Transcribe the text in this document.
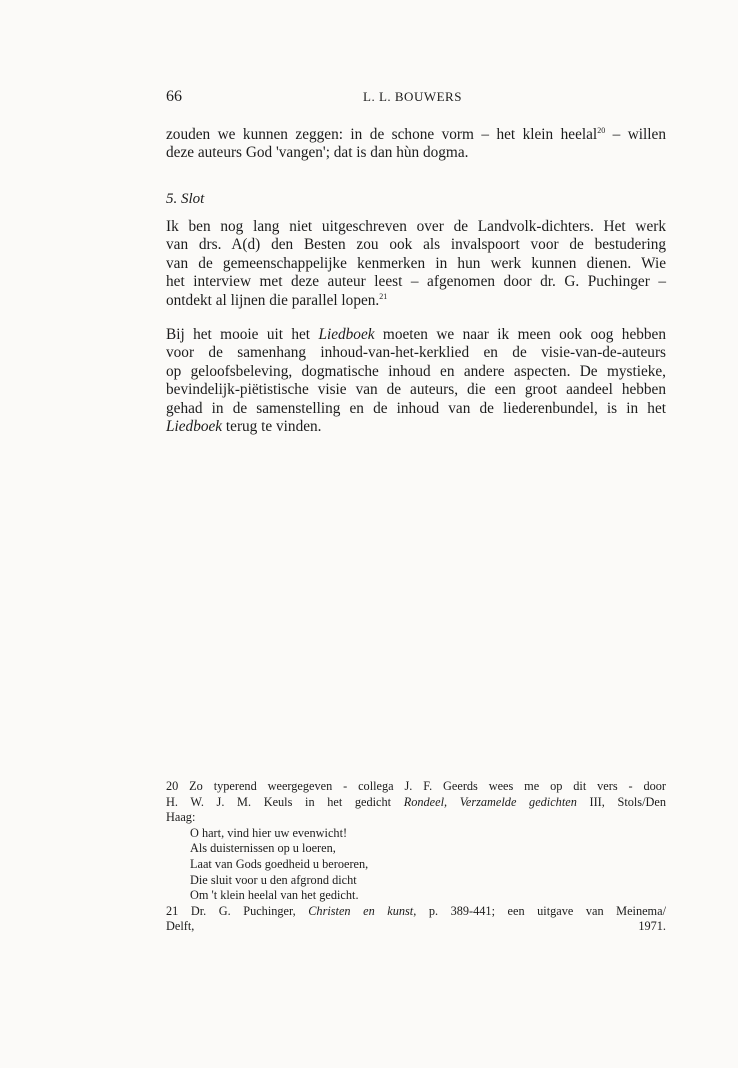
66	L. L. BOUWERS
zouden we kunnen zeggen: in de schone vorm – het klein heelal$^{20}$ – willen
deze auteurs God 'vangen'; dat is dan hùn dogma.
5. Slot
Ik ben nog lang niet uitgeschreven over de Landvolk-dichters. Het werk
van drs. A(d) den Besten zou ook als invalspoort voor de bestudering
van de gemeenschappelijke kenmerken in hun werk kunnen dienen. Wie
het interview met deze auteur leest – afgenomen door dr. G. Puchinger –
ontdekt al lijnen die parallel lopen.$^{21}$
Bij het mooie uit het Liedboek moeten we naar ik meen ook oog hebben
voor de samenhang inhoud-van-het-kerklied en de visie-van-de-auteurs
op geloofsbeleving, dogmatische inhoud en andere aspecten. De mystieke,
bevindelijk-piëtistische visie van de auteurs, die een groot aandeel hebben
gehad in de samenstelling en de inhoud van de liederenbundel, is in het
Liedboek terug te vinden.
20 Zo typerend weergegeven - collega J. F. Geerds wees me op dit vers - door
H. W. J. M. Keuls in het gedicht Rondeel, Verzamelde gedichten III, Stols/Den
Haag:
O hart, vind hier uw evenwicht!
Als duisternissen op u loeren,
Laat van Gods goedheid u beroeren,
Die sluit voor u den afgrond dicht
Om 't klein heelal van het gedicht.
21 Dr. G. Puchinger, Christen en kunst, p. 389-441; een uitgave van Meinema/
Delft, 1971.
